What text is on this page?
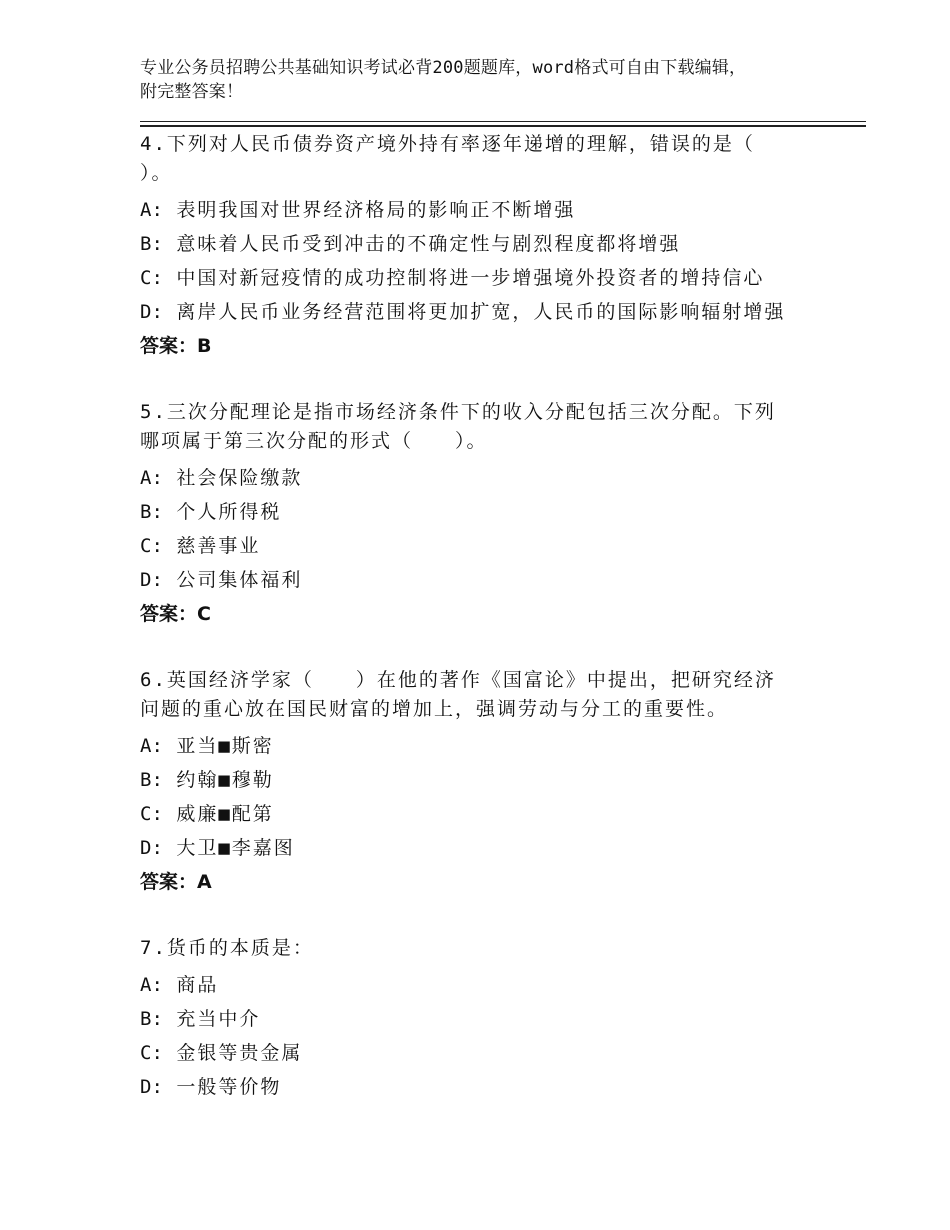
专业公务员招聘公共基础知识考试必背200题题库，word格式可自由下载编辑，
附完整答案！
4.下列对人民币债券资产境外持有率逐年递增的理解，错误的是（
）。
A: 表明我国对世界经济格局的影响正不断增强
B: 意味着人民币受到冲击的不确定性与剧烈程度都将增强
C: 中国对新冠疫情的成功控制将进一步增强境外投资者的增持信心
D: 离岸人民币业务经营范围将更加扩宽，人民币的国际影响辐射增强
答案：B
5.三次分配理论是指市场经济条件下的收入分配包括三次分配。下列
哪项属于第三次分配的形式（　　）。
A: 社会保险缴款
B: 个人所得税
C: 慈善事业
D: 公司集体福利
答案：C
6.英国经济学家（　　）在他的著作《国富论》中提出，把研究经济
问题的重心放在国民财富的增加上，强调劳动与分工的重要性。
A: 亚当■斯密
B: 约翰■穆勒
C: 威廉■配第
D: 大卫■李嘉图
答案：A
7.货币的本质是：
A: 商品
B: 充当中介
C: 金银等贵金属
D: 一般等价物
